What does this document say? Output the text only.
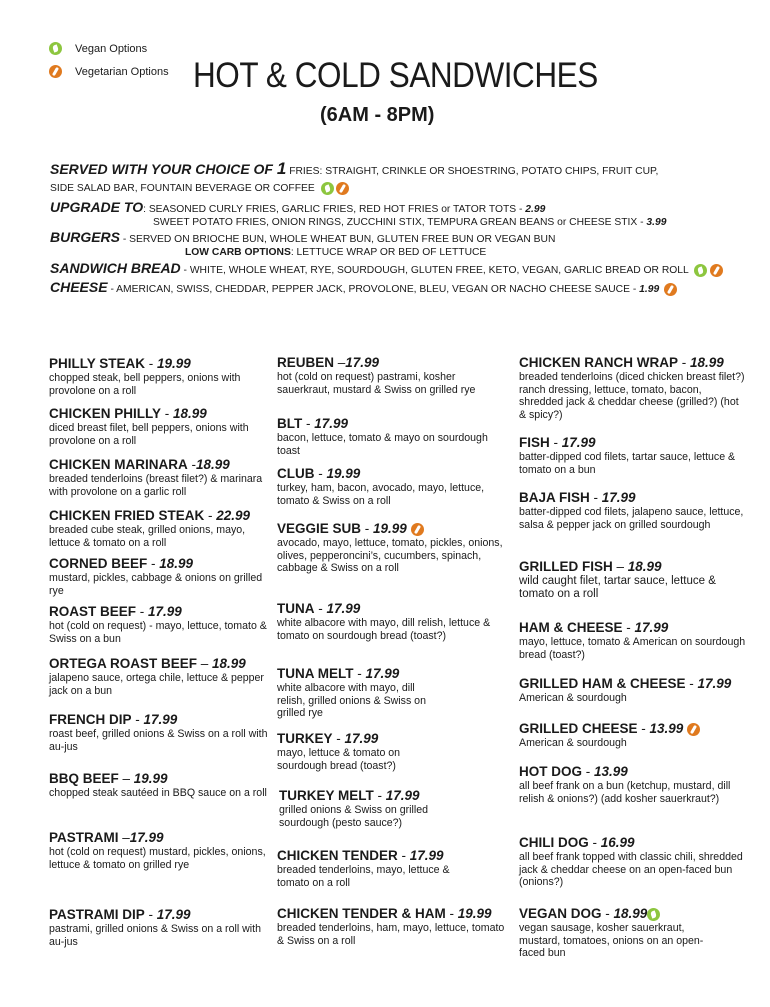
Vegan Options
Vegetarian Options HOT & COLD SANDWICHES
(6AM - 8PM)
SERVED WITH YOUR CHOICE OF 1 FRIES: STRAIGHT, CRINKLE OR SHOESTRING, POTATO CHIPS, FRUIT CUP,
SIDE SALAD BAR, FOUNTAIN BEVERAGE OR COFFEE
UPGRADE TO: SEASONED CURLY FRIES, GARLIC FRIES, RED HOT FRIES or TATOR TOTS - 2.99
SWEET POTATO FRIES, ONION RINGS, ZUCCHINI STIX, TEMPURA GREAN BEANS or CHEESE STIX - 3.99
BURGERS - SERVED ON BRIOCHE BUN, WHOLE WHEAT BUN, GLUTEN FREE BUN OR VEGAN BUN
LOW CARB OPTIONS: LETTUCE WRAP OR BED OF LETTUCE
SANDWICH BREAD - WHITE, WHOLE WHEAT, RYE, SOURDOUGH, GLUTEN FREE, KETO, VEGAN, GARLIC BREAD OR ROLL
CHEESE - AMERICAN, SWISS, CHEDDAR, PEPPER JACK, PROVOLONE, BLEU, VEGAN OR NACHO CHEESE SAUCE - 1.99
PHILLY STEAK - 19.99
chopped steak, bell peppers, onions with provolone on a roll
CHICKEN PHILLY - 18.99
diced breast filet, bell peppers, onions with provolone on a roll
CHICKEN MARINARA -18.99
breaded tenderloins (breast filet?) & marinara with provolone on a garlic roll
CHICKEN FRIED STEAK - 22.99
breaded cube steak, grilled onions, mayo, lettuce & tomato on a roll
CORNED BEEF - 18.99
mustard, pickles, cabbage & onions on grilled rye
ROAST BEEF - 17.99
hot (cold on request) - mayo, lettuce, tomato & Swiss on a bun
ORTEGA ROAST BEEF – 18.99
jalapeno sauce, ortega chile, lettuce & pepper jack on a bun
FRENCH DIP - 17.99
roast beef, grilled onions & Swiss on a roll with au-jus
BBQ BEEF – 19.99
chopped steak sautéed in BBQ sauce on a roll
PASTRAMI –17.99
hot (cold on request) mustard, pickles, onions, lettuce & tomato on grilled rye
PASTRAMI DIP - 17.99
pastrami, grilled onions & Swiss on a roll with au-jus
REUBEN –17.99
hot (cold on request) pastrami, kosher sauerkraut, mustard & Swiss on grilled rye
BLT - 17.99
bacon, lettuce, tomato & mayo on sourdough toast
CLUB - 19.99
turkey, ham, bacon, avocado, mayo, lettuce, tomato & Swiss on a roll
VEGGIE SUB - 19.99
avocado, mayo, lettuce, tomato, pickles, onions, olives, pepperoncini’s, cucumbers, spinach, cabbage & Swiss on a roll
TUNA - 17.99
white albacore with mayo, dill relish, lettuce & tomato on sourdough bread (toast?)
TUNA MELT - 17.99
white albacore with mayo, dill relish, grilled onions & Swiss on grilled rye
TURKEY - 17.99
mayo, lettuce & tomato on sourdough bread (toast?)
TURKEY MELT - 17.99
grilled onions & Swiss on grilled sourdough (pesto sauce?)
CHICKEN TENDER - 17.99
breaded tenderloins, mayo, lettuce & tomato on a roll
CHICKEN TENDER & HAM - 19.99
breaded tenderloins, ham, mayo, lettuce, tomato & Swiss on a roll
CHICKEN RANCH WRAP - 18.99
breaded tenderloins (diced chicken breast filet?) ranch dressing, lettuce, tomato, bacon, shredded jack & cheddar cheese (grilled?) (hot & spicy?)
FISH - 17.99
batter-dipped cod filets, tartar sauce, lettuce & tomato on a bun
BAJA FISH - 17.99
batter-dipped cod filets, jalapeno sauce, lettuce, salsa & pepper jack on grilled sourdough
GRILLED FISH – 18.99
wild caught filet, tartar sauce, lettuce & tomato on a roll
HAM & CHEESE - 17.99
mayo, lettuce, tomato & American on sourdough bread (toast?)
GRILLED HAM & CHEESE - 17.99
American & sourdough
GRILLED CHEESE - 13.99
American & sourdough
HOT DOG - 13.99
all beef frank on a bun (ketchup, mustard, dill relish & onions?) (add kosher sauerkraut?)
CHILI DOG - 16.99
all beef frank topped with classic chili, shredded jack & cheddar cheese on an open-faced bun (onions?)
VEGAN DOG - 18.99
vegan sausage, kosher sauerkraut, mustard, tomatoes, onions on an open-faced bun
